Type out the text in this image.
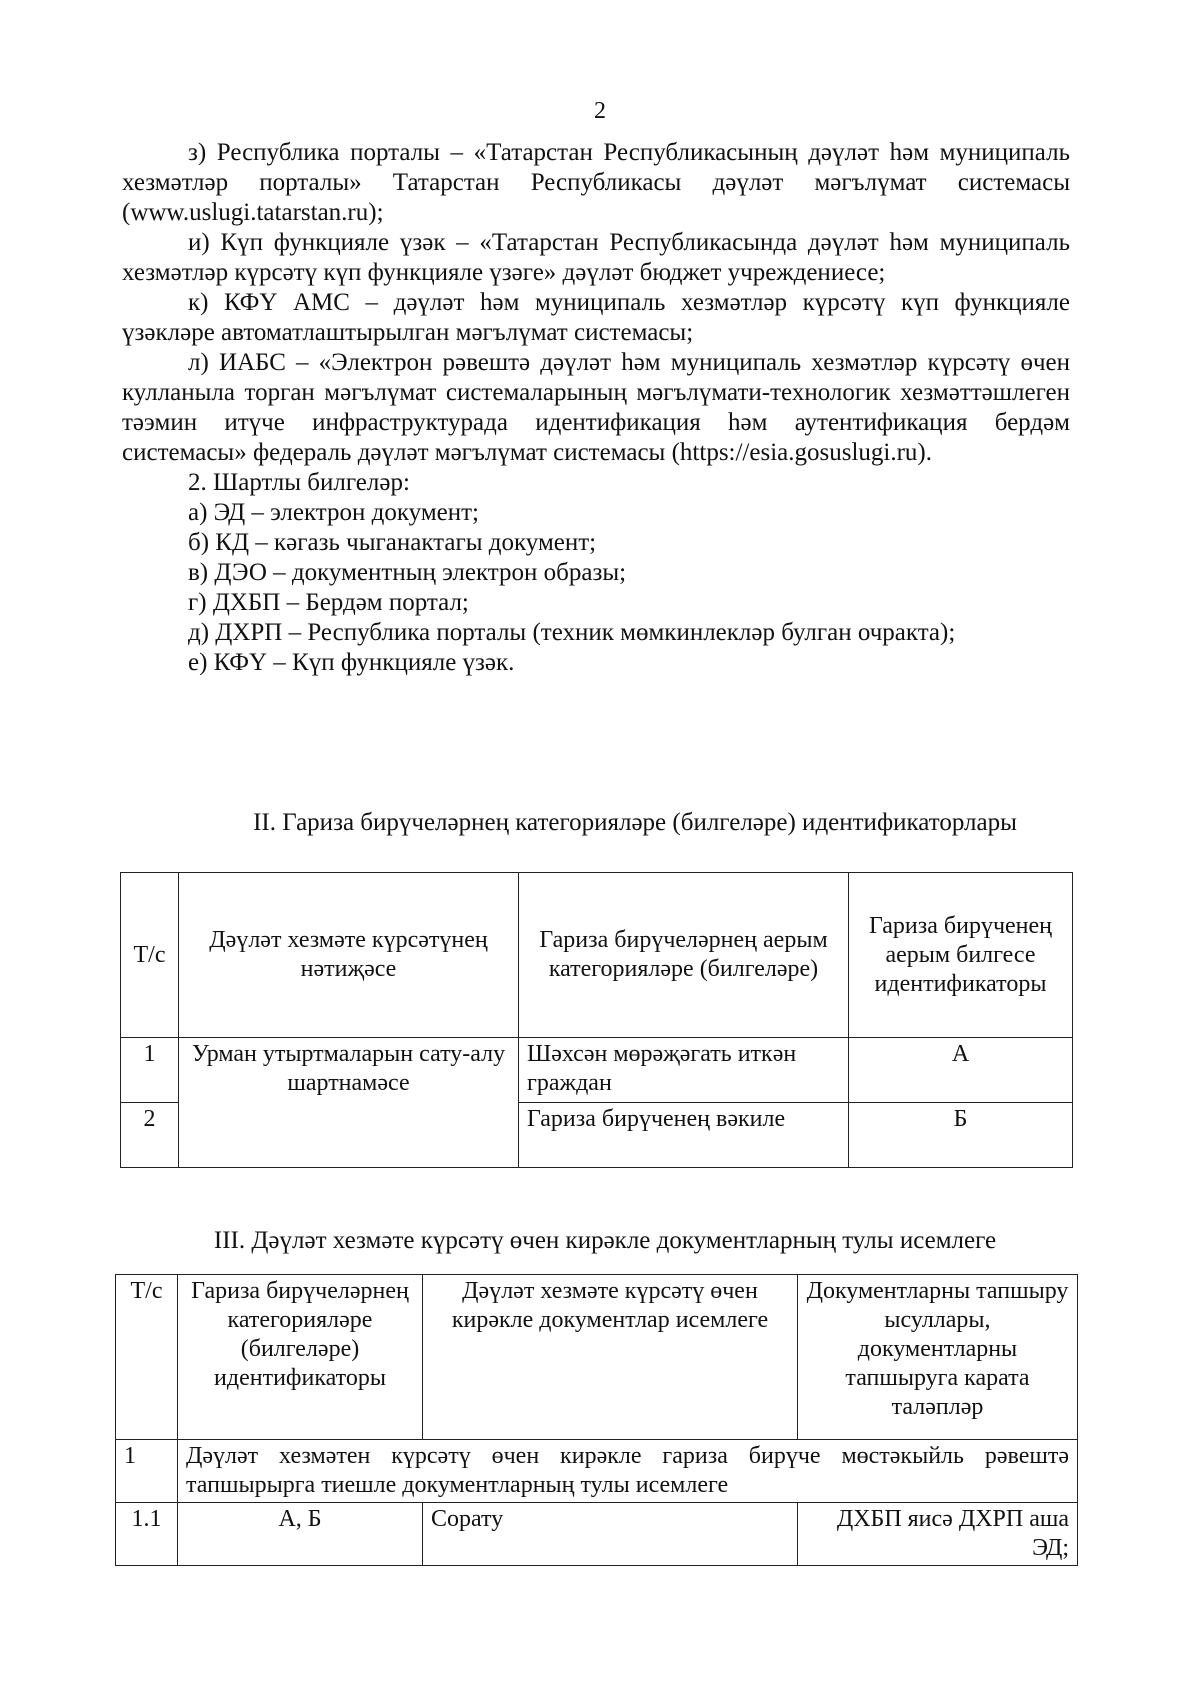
2

з) Республика порталы – «Татарстан Республикасының дәүләт һәм муниципаль хезмәтләр порталы» Татарстан Республикасы дәүләт мәгълүмат системасы (www.uslugi.tatarstan.ru);

и) Күп функцияле үзәк – «Татарстан Республикасында дәүләт һәм муниципаль хезмәтләр күрсәтү күп функцияле үзәге» дәүләт бюджет учреждениесе;

к) КФҮ АМС – дәүләт һәм муниципаль хезмәтләр күрсәтү күп функцияле үзәкләре автоматлаштырылган мәгълүмат системасы;

л) ИАБС – «Электрон рәвештә дәүләт һәм муниципаль хезмәтләр күрсәтү өчен кулланыла торган мәгълүмат системаларының мәгълүмати-технологик хезмәттәшлеген тәэмин итүче инфраструктурада идентификация һәм аутентификация бердәм системасы» федераль дәүләт мәгълүмат системасы (https://esia.gosuslugi.ru).

2. Шартлы билгеләр:

а) ЭД – электрон документ;

б) КД – кәгазь чыганактагы документ;

в) ДЭО – документның электрон образы;

г) ДХБП – Бердәм портал;

д) ДХРП – Республика порталы (техник мөмкинлекләр булган очракта);

е) КФҮ – Күп функцияле үзәк.

II. Гариза бирүчеләрнең категорияләре (билгеләре) идентификаторлары
Т/с	Дәүләт хезмәте күрсәтүнең нәтиҗәсе	Гариза бирүчеләрнең аерым категорияләре (билгеләре)	Гариза бирүченең аерым билгесе идентификаторы
1	Урман утыртмаларын сату-алу шартнамәсе	Шәхсән мөрәҗәгать иткән граждан	А
2		Гариза бирүченең вәкиле	Б
III. Дәүләт хезмәте күрсәтү өчен кирәкле документларның тулы исемлеге
Т/с	Гариза бирүчеләрнең категорияләре (билгеләре) идентификаторы	Дәүләт хезмәте күрсәтү өчен кирәкле документлар исемлеге	Документларны тапшыру ысуллары, документларны тапшыруга карата таләпләр
1	Дәүләт хезмәтен күрсәтү өчен кирәкле гариза бирүче мөстәкыйль рәвештә тапшырырга тиешле документларның тулы исемлеге		
1.1	А, Б	Сорату	ДХБП яисә ДХРП аша ЭД;
